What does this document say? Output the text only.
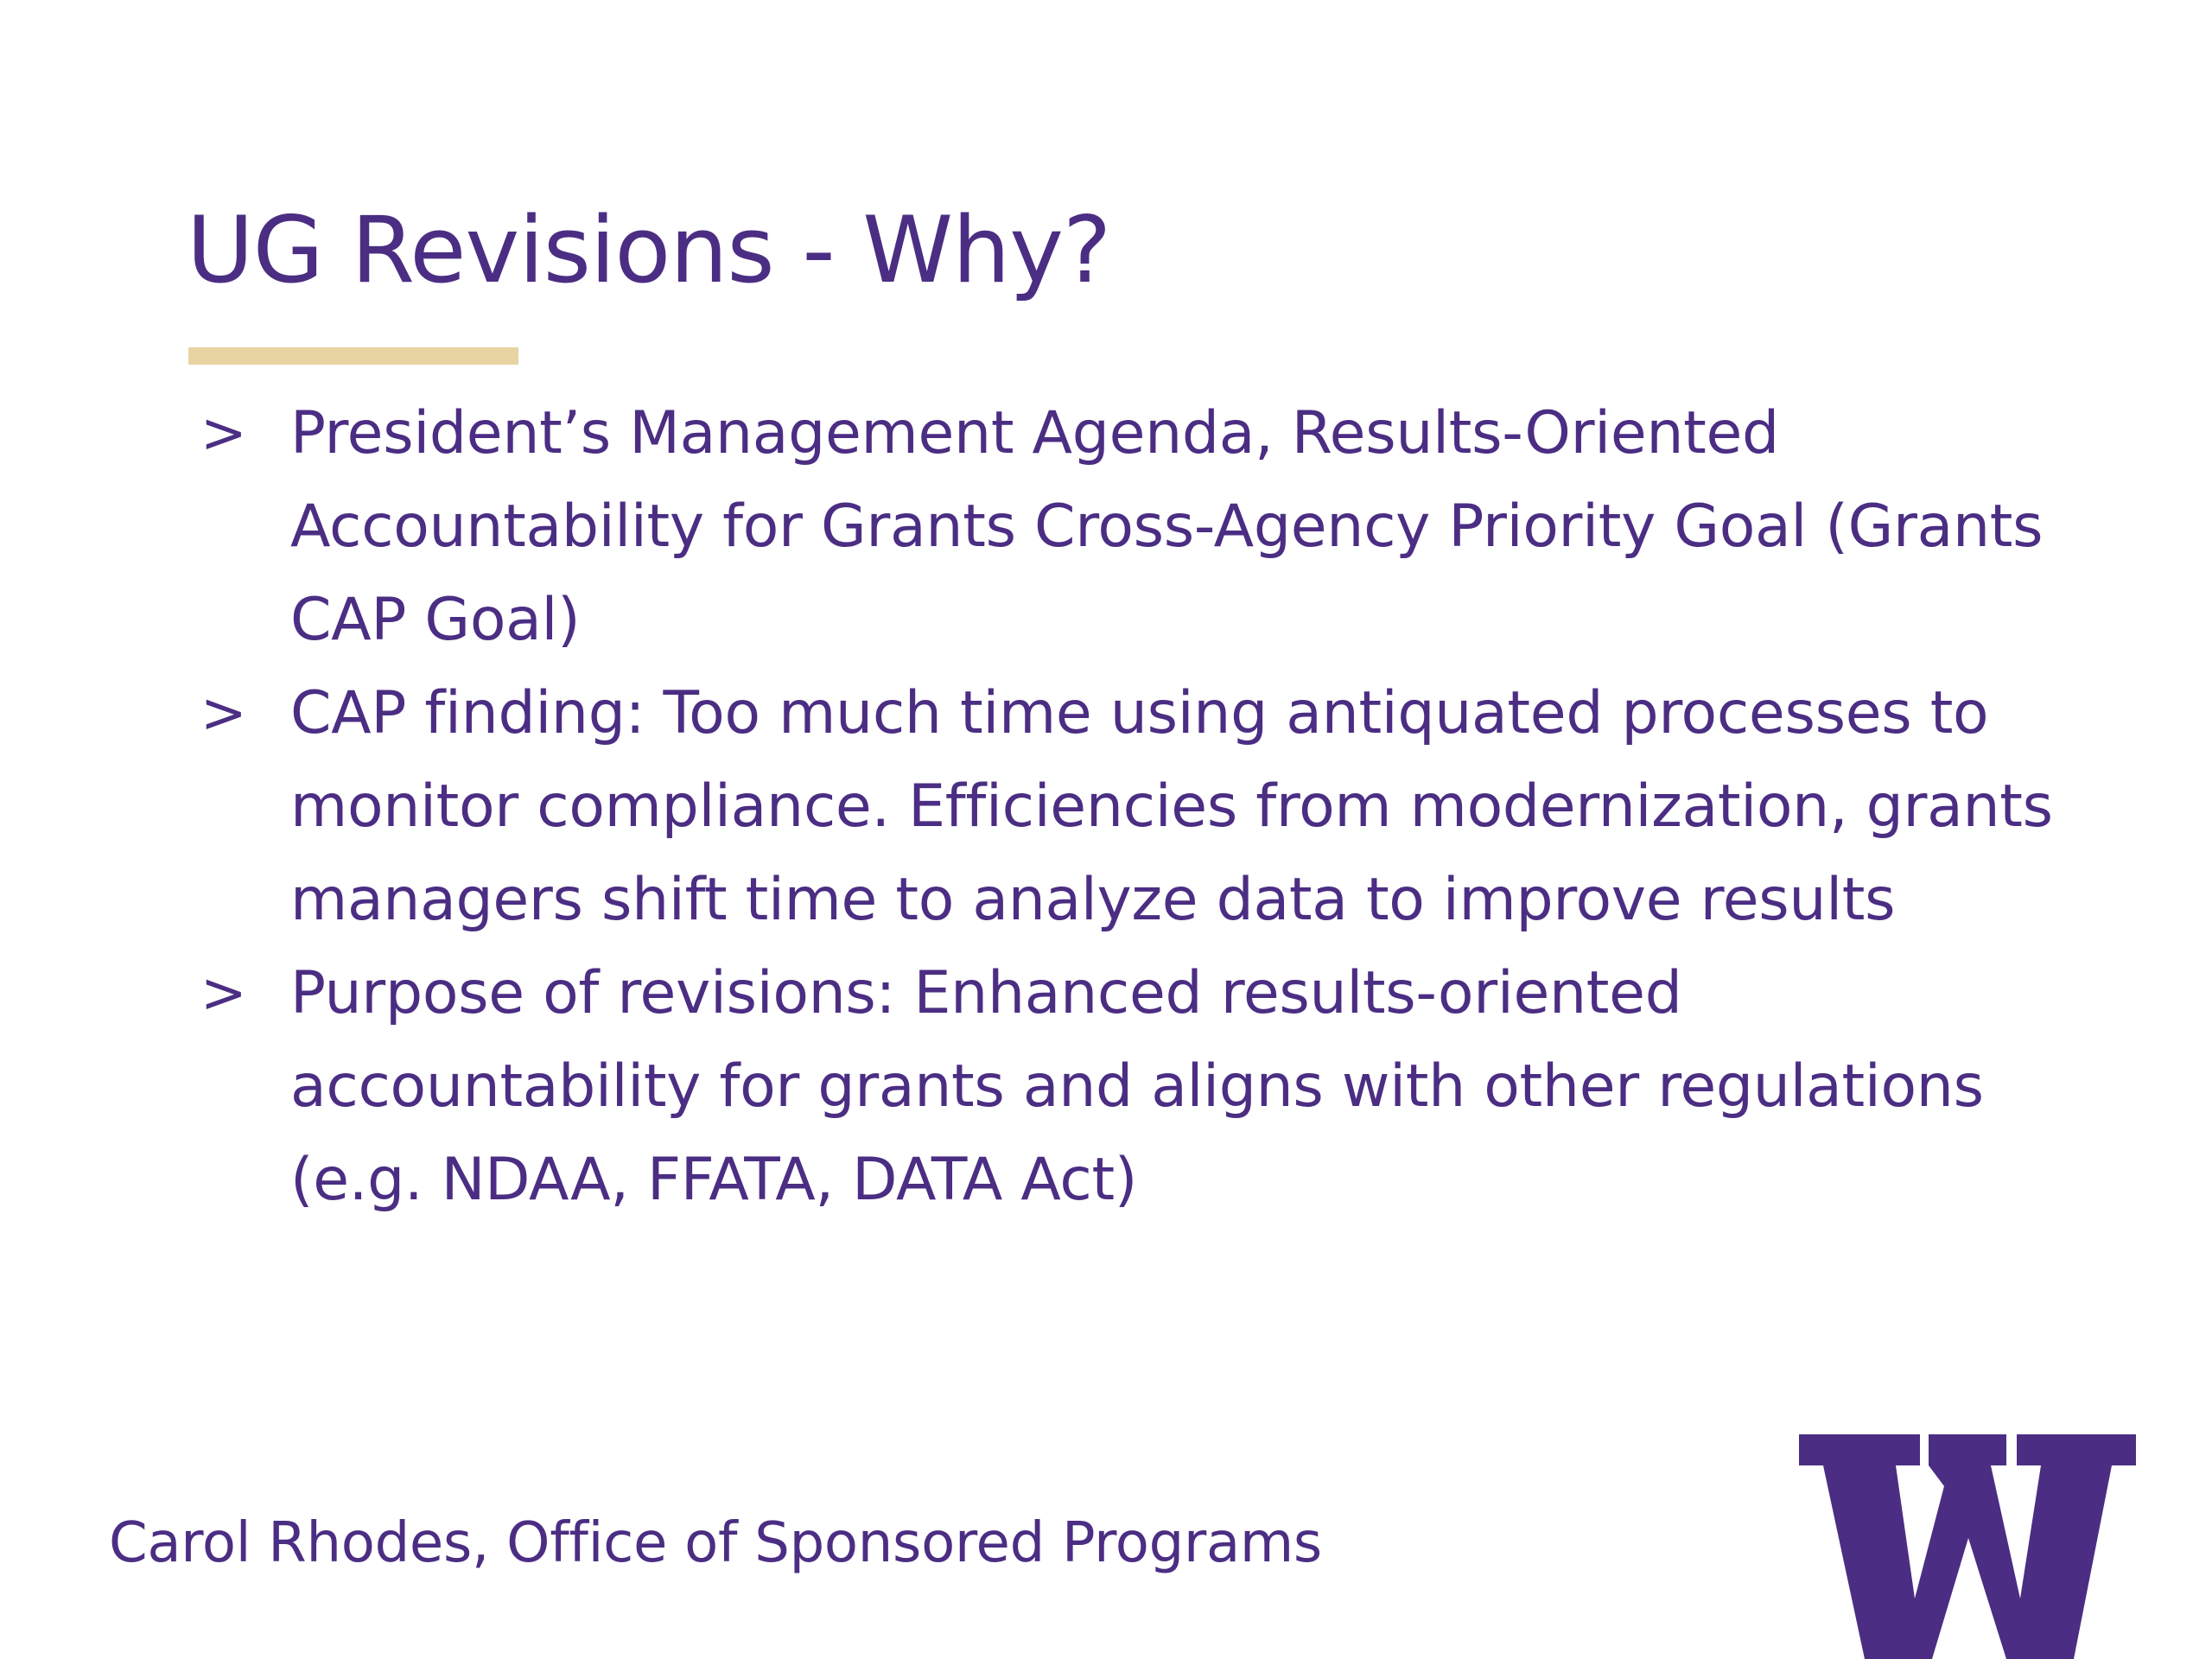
UG Revisions - Why?
> President’s Management Agenda, Results-Oriented Accountability for Grants Cross-Agency Priority Goal (Grants CAP Goal)
> CAP finding: Too much time using antiquated processes to monitor compliance. Efficiencies from modernization, grants managers shift time to analyze data to improve results
> Purpose of revisions: Enhanced results-oriented accountability for grants and aligns with other regulations (e.g. NDAA, FFATA, DATA Act)
Carol Rhodes, Office of Sponsored Programs
